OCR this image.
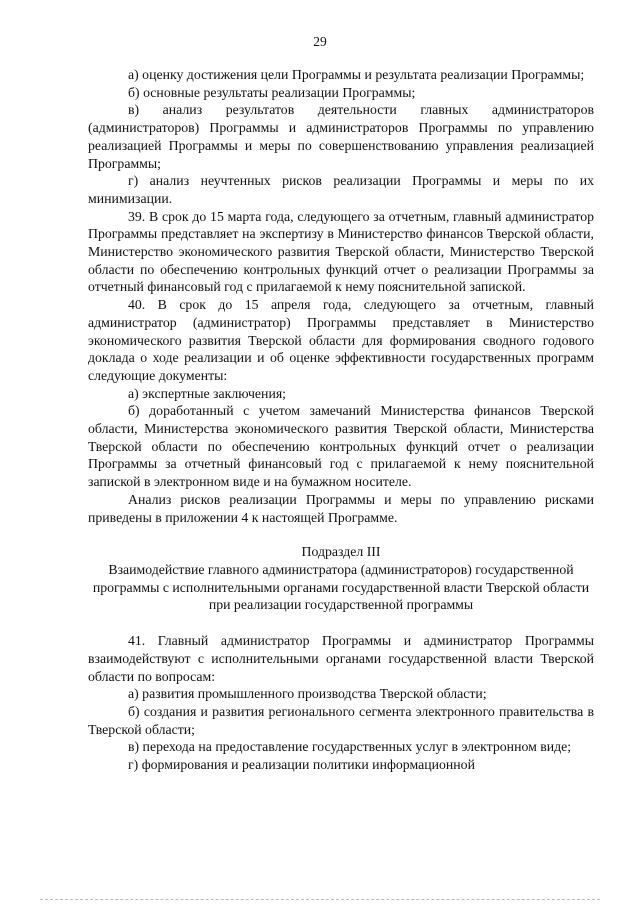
29

а) оценку достижения цели Программы и результата реализации Программы;

б) основные результаты реализации Программы;

в) анализ результатов деятельности главных администраторов (администраторов) Программы и администраторов Программы по управлению реализацией Программы и меры по совершенствованию управления реализацией Программы;

г) анализ неучтенных рисков реализации Программы и меры по их минимизации.

39. В срок до 15 марта года, следующего за отчетным, главный администратор Программы представляет на экспертизу в Министерство финансов Тверской области, Министерство экономического развития Тверской области, Министерство Тверской области по обеспечению контрольных функций отчет о реализации Программы за отчетный финансовый год с прилагаемой к нему пояснительной запиской.

40. В срок до 15 апреля года, следующего за отчетным, главный администратор (администратор) Программы представляет в Министерство экономического развития Тверской области для формирования сводного годового доклада о ходе реализации и об оценке эффективности государственных программ следующие документы:

а) экспертные заключения;

б) доработанный с учетом замечаний Министерства финансов Тверской области, Министерства экономического развития Тверской области, Министерства Тверской области по обеспечению контрольных функций отчет о реализации Программы за отчетный финансовый год с прилагаемой к нему пояснительной запиской в электронном виде и на бумажном носителе.

Анализ рисков реализации Программы и меры по управлению рисками приведены в приложении 4 к настоящей Программе.

Подраздел III

Взаимодействие главного администратора (администраторов) государственной программы с исполнительными органами государственной власти Тверской области при реализации государственной программы

41. Главный администратор Программы и администратор Программы взаимодействуют с исполнительными органами государственной власти Тверской области по вопросам:

а) развития промышленного производства Тверской области;

б) создания и развития регионального сегмента электронного правительства в Тверской области;

в) перехода на предоставление государственных услуг в электронном виде;

г) формирования и реализации политики информационной
